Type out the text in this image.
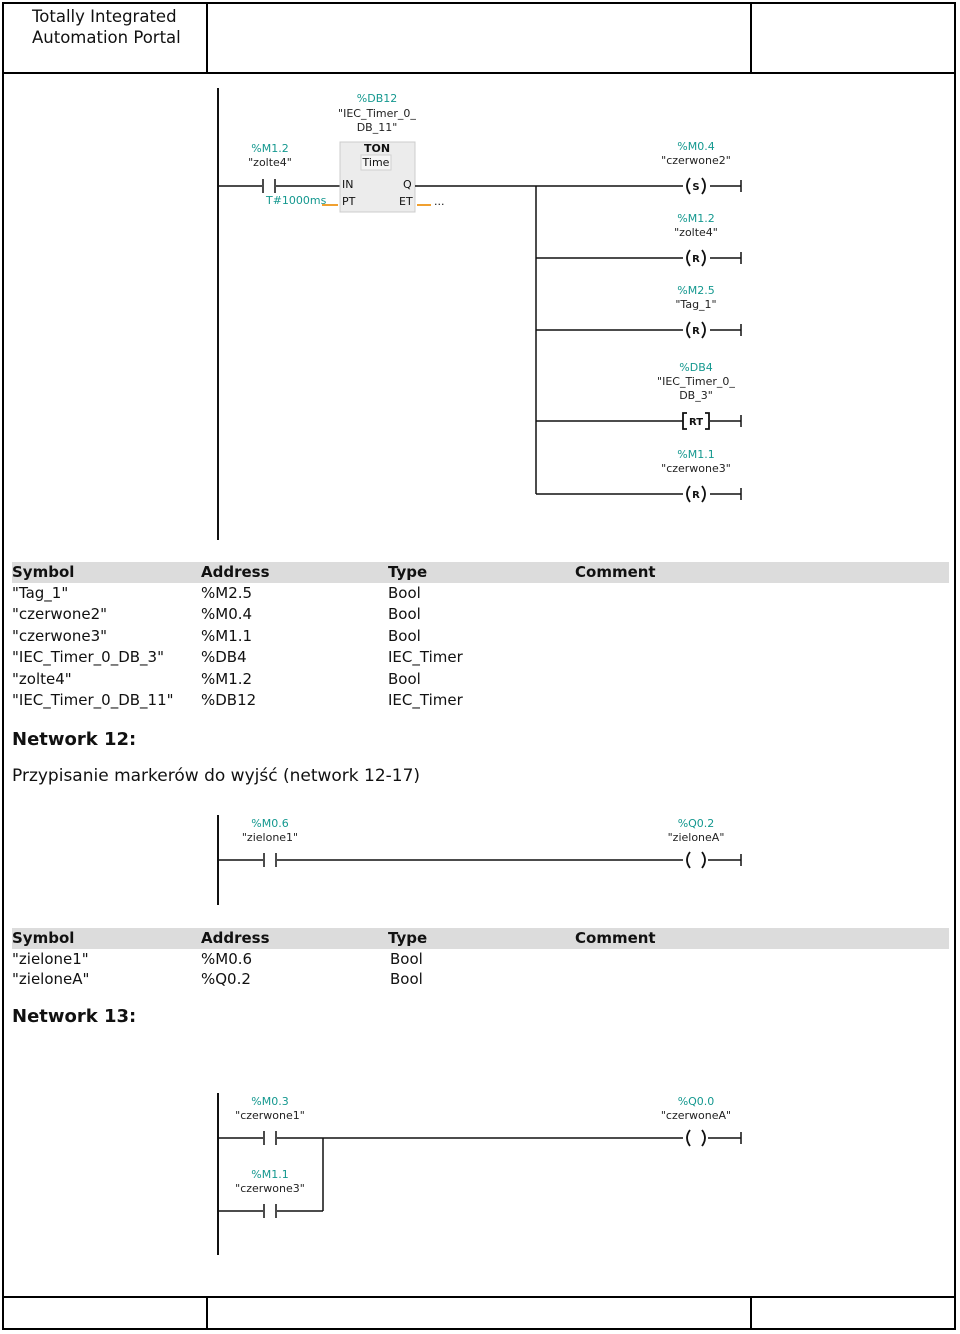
Totally Integrated
Automation Portal
%M1.2
"zolte4"
%DB12
"IEC_Timer_0_
DB_11"
TON
Time
IN	Q
PT	ET
T#1000ms	...
S
%M0.4
"czerwone2"
R
%M1.2
"zolte4"
R
%M2.5
"Tag_1"
RT
%DB4
"IEC_Timer_0_
DB_3"
R
%M1.1
"czerwone3"
Symbol	Address	Type	Comment
"Tag_1"	%M2.5	Bool
"czerwone2"	%M0.4	Bool
"czerwone3"	%M1.1	Bool
"IEC_Timer_0_DB_3" %DB4	IEC_Timer
"zolte4"	%M1.2	Bool
"IEC_Timer_0_DB_11" %DB12	IEC_Timer
Network 12:
Przypisanie markerów do wyjść (network 12-17)
%M0.6
"zielone1"
%Q0.2
"zieloneA"
Symbol	Address	Type	Comment
"zielone1"	%M0.6	Bool
"zieloneA"	%Q0.2	Bool
Network 13:
%M0.3
"czerwone1"
%Q0.0
"czerwoneA"
%M1.1
"czerwone3"
